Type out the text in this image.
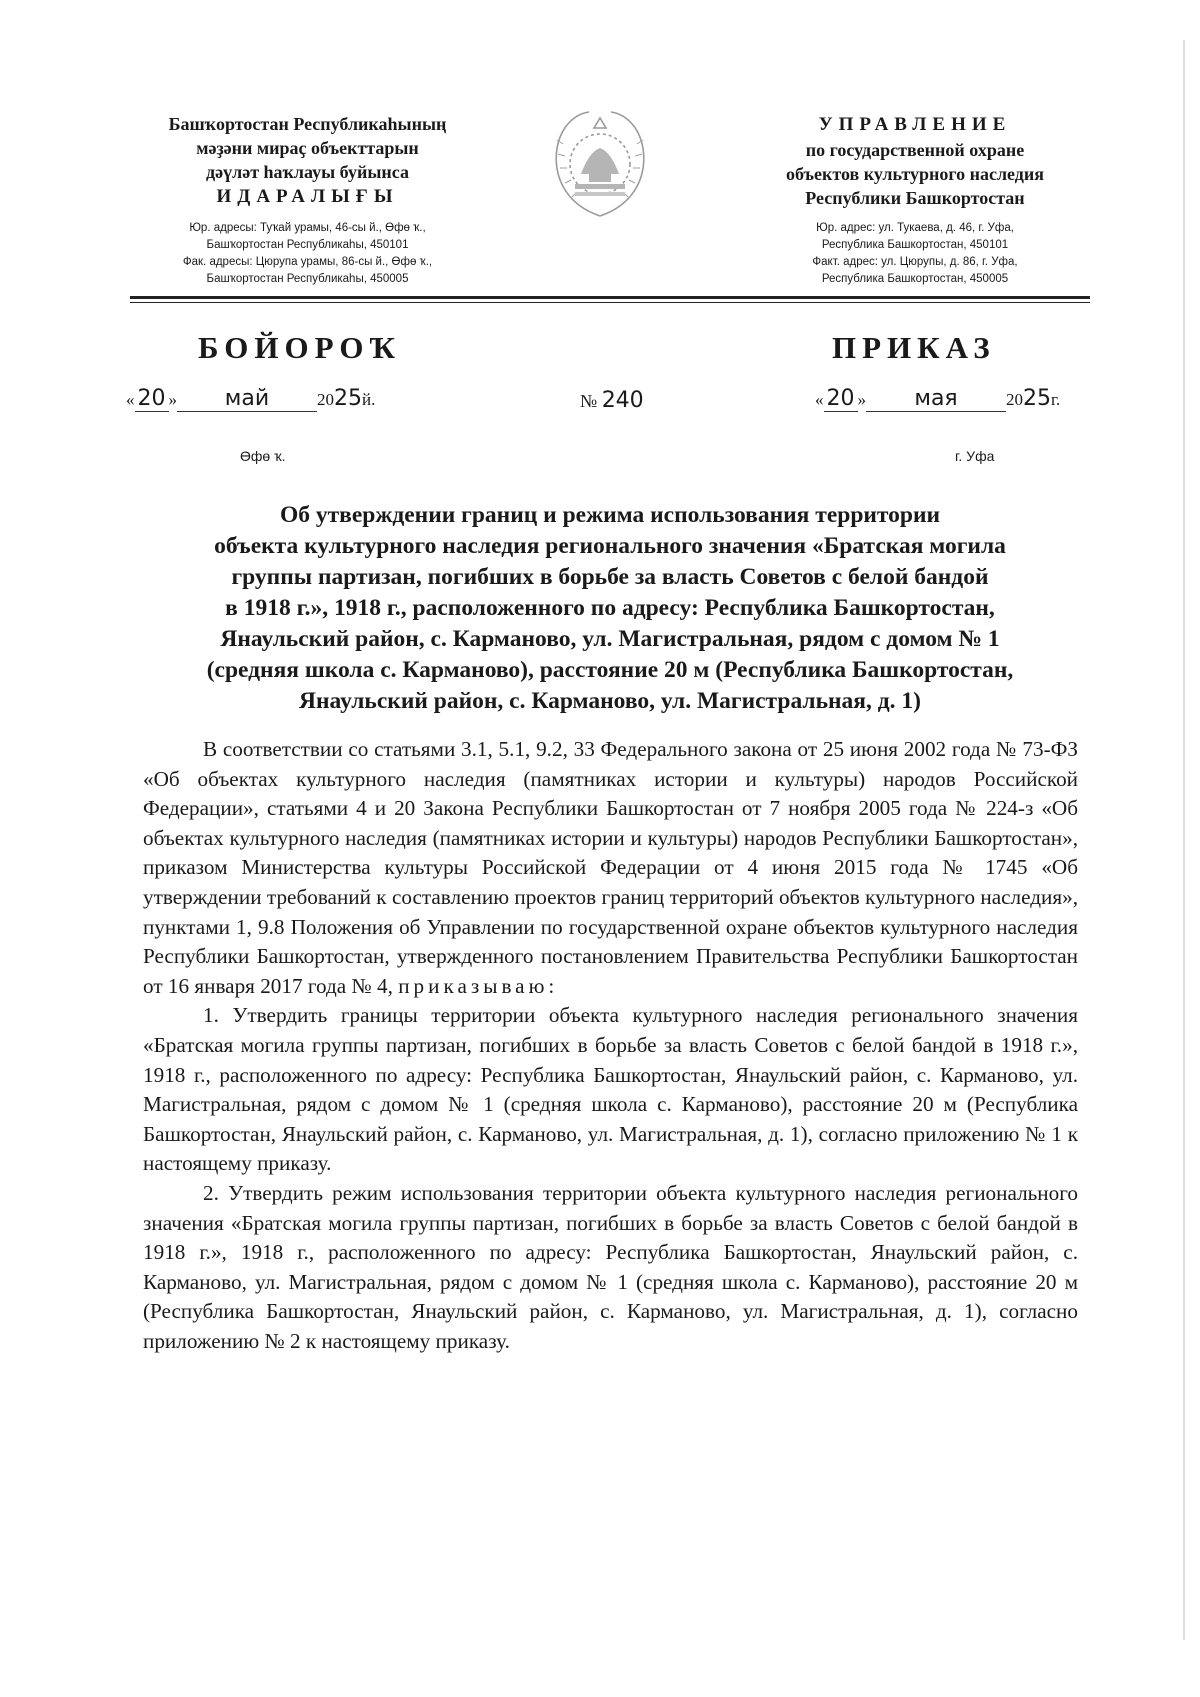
Башҡортостан Республикаһының

мәҙәни мираҫ объекттарын

дәүләт һаҡлауы буйынса

ИДАРАЛЫҒЫ

Юр. адресы: Туҡай урамы, 46-сы й., Өфө ҡ.,

Башҡортостан Республикаһы, 450101

Фак. адресы: Цюрупа урамы, 86-сы й., Өфө ҡ.,

Башҡортостан Республикаһы, 450005

УПРАВЛЕНИЕ

по государственной охране

объектов культурного наследия

Республики Башкортостан

Юр. адрес: ул. Тукаева, д. 46, г. Уфа,

Республика Башкортостан, 450101

Факт. адрес: ул. Цюрупы, д. 86, г. Уфа,

Республика Башкортостан, 450005

БОЙОРОҠ	ПРИКАЗ
« 20 » май	2025й.	№ 240	« 20 » мая	2025г.
Өфө ҡ.	г. Уфа

Об утверждении границ и режима использования территории

объекта культурного наследия регионального значения «Братская могила

группы партизан, погибших в борьбе за власть Советов с белой бандой

в 1918 г.», 1918 г., расположенного по адресу: Республика Башкортостан,

Янаульский район, с. Карманово, ул. Магистральная, рядом с домом № 1

(средняя школа с. Карманово), расстояние 20 м (Республика Башкортостан,

Янаульский район, с. Карманово, ул. Магистральная, д. 1)

В соответствии со статьями 3.1, 5.1, 9.2, 33 Федерального закона от 25 июня 2002 года № 73-ФЗ «Об объектах культурного наследия (памятниках истории и культуры) народов Российской Федерации», статьями 4 и 20 Закона Республики Башкортостан от 7 ноября 2005 года № 224-з «Об объектах культурного наследия (памятниках истории и культуры) народов Республики Башкортостан», приказом Министерства культуры Российской Федерации от 4 июня 2015 года № 1745 «Об утверждении требований к составлению проектов границ территорий объектов культурного наследия», пунктами 1, 9.8 Положения об Управлении по государственной охране объектов культурного наследия Республики Башкортостан, утвержденного постановлением Правительства Республики Башкортостан от 16 января 2017 года № 4, приказываю:

1. Утвердить границы территории объекта культурного наследия регионального значения «Братская могила группы партизан, погибших в борьбе за власть Советов с белой бандой в 1918 г.», 1918 г., расположенного по адресу: Республика Башкортостан, Янаульский район, с. Карманово, ул. Магистральная, рядом с домом № 1 (средняя школа с. Карманово), расстояние 20 м (Республика Башкортостан, Янаульский район, с. Карманово, ул. Магистральная, д. 1), согласно приложению № 1 к настоящему приказу.

2. Утвердить режим использования территории объекта культурного наследия регионального значения «Братская могила группы партизан, погибших в борьбе за власть Советов с белой бандой в 1918 г.», 1918 г., расположенного по адресу: Республика Башкортостан, Янаульский район, с. Карманово, ул. Магистральная, рядом с домом № 1 (средняя школа с. Карманово), расстояние 20 м (Республика Башкортостан, Янаульский район, с. Карманово, ул. Магистральная, д. 1), согласно приложению № 2 к настоящему приказу.
